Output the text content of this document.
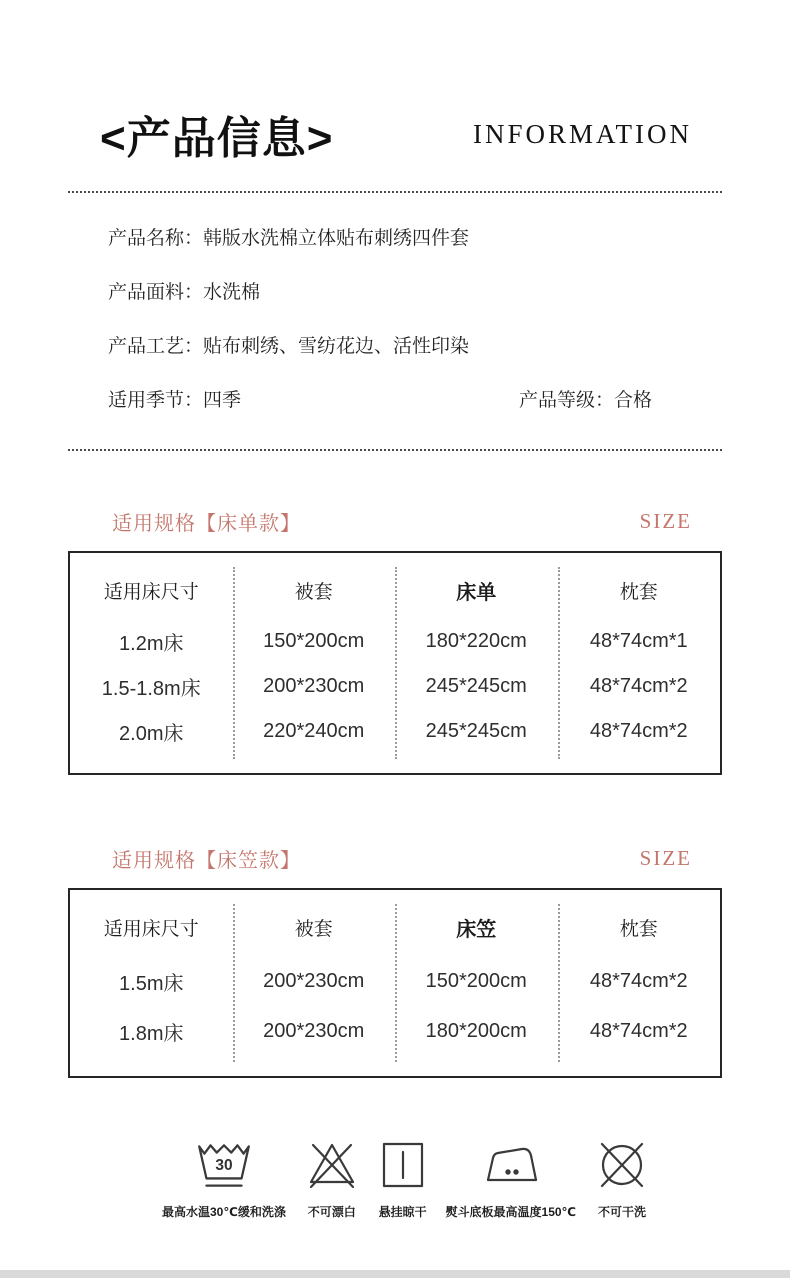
<产品信息>	INFORMATION
产品名称：韩版水洗棉立体贴布刺绣四件套
产品面料：水洗棉
产品工艺：贴布刺绣、雪纺花边、活性印染
适用季节：四季	产品等级：合格
适用规格【床单款】	SIZE
适用床尺寸	被套	床单	枕套
1.2m床	150*200cm	180*220cm	48*74cm*1
1.5-1.8m床	200*230cm	245*245cm	48*74cm*2
2.0m床	220*240cm	245*245cm	48*74cm*2
适用规格【床笠款】	SIZE
适用床尺寸	被套	床笠	枕套
1.5m床	200*230cm	150*200cm	48*74cm*2
1.8m床	200*230cm	180*200cm	48*74cm*2
30
最高水温30℃缓和洗涤 不可漂白 悬挂晾干 熨斗底板最高温度150℃ 不可干洗
